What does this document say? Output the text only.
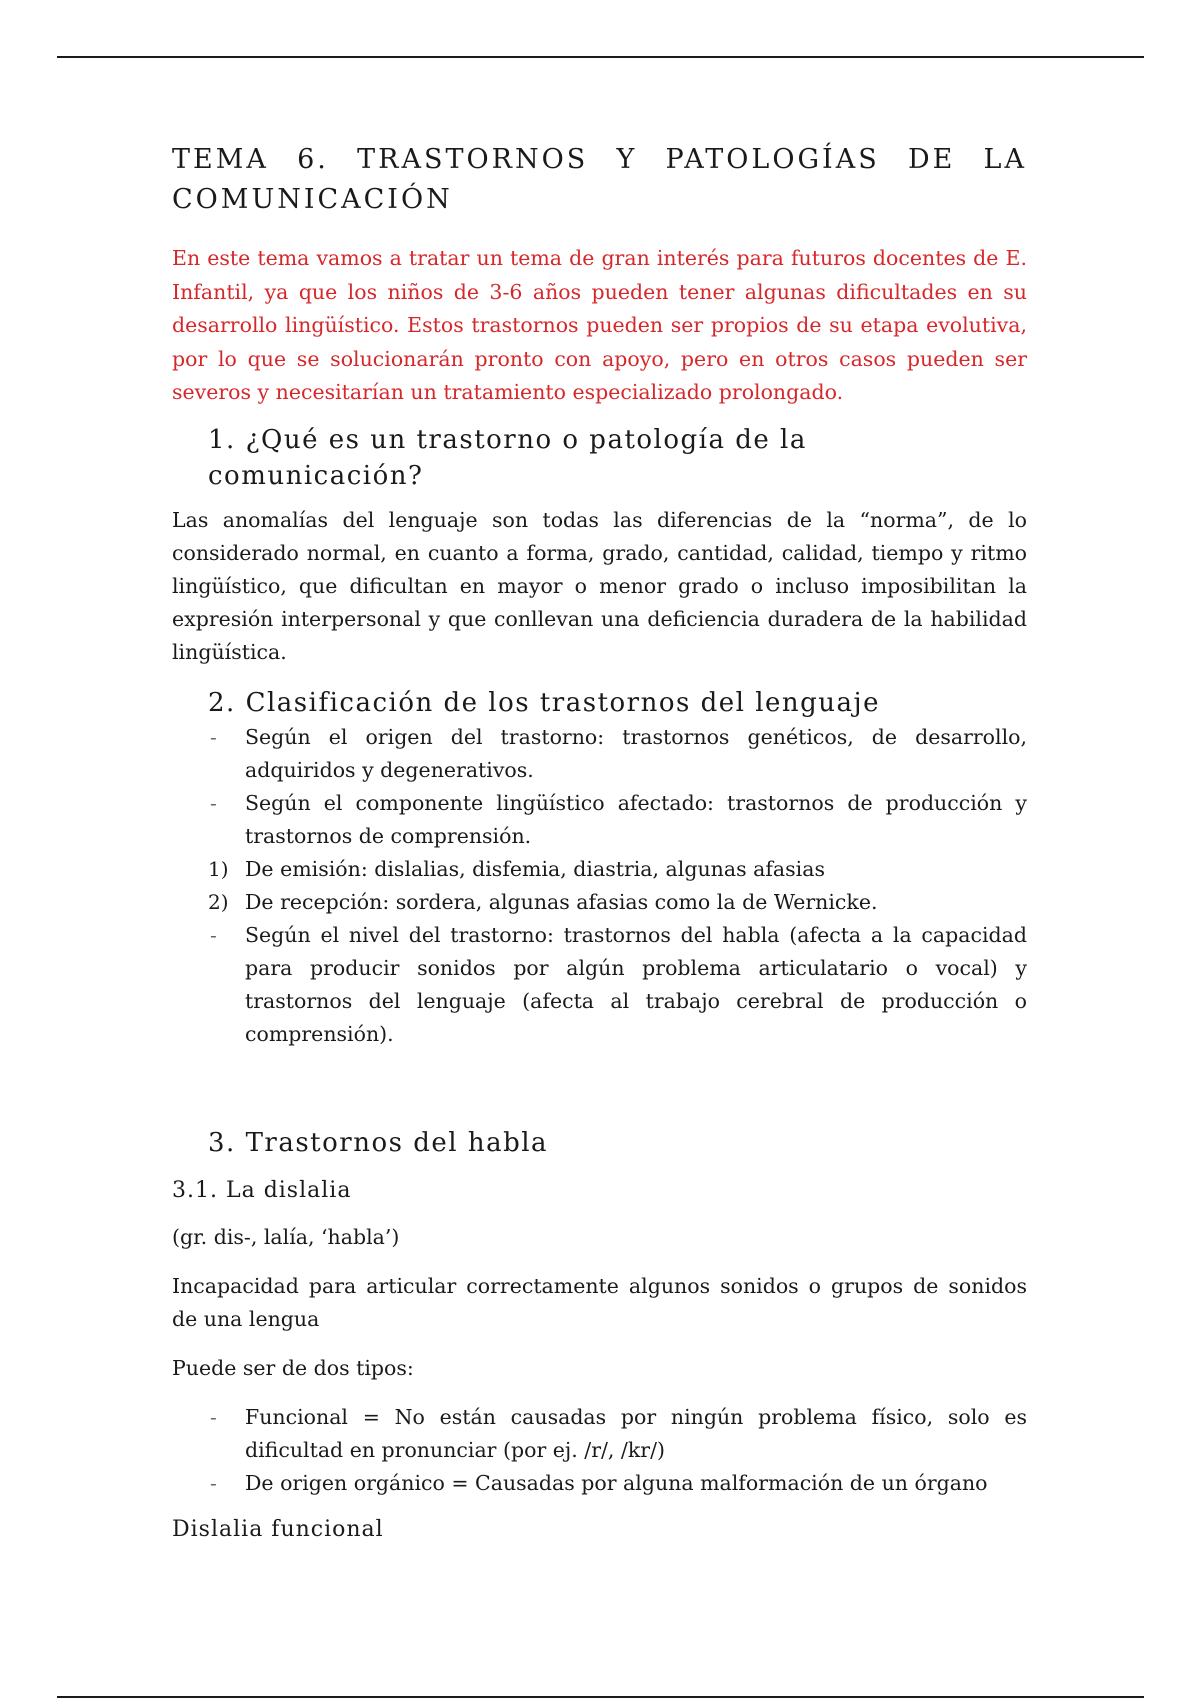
TEMA 6. TRASTORNOS Y PATOLOGÍAS DE LA COMUNICACIÓN

En este tema vamos a tratar un tema de gran interés para futuros docentes de E. Infantil, ya que los niños de 3-6 años pueden tener algunas dificultades en su desarrollo lingüístico. Estos trastornos pueden ser propios de su etapa evolutiva, por lo que se solucionarán pronto con apoyo, pero en otros casos pueden ser severos y necesitarían un tratamiento especializado prolongado.

1. ¿Qué es un trastorno o patología de la comunicación?

Las anomalías del lenguaje son todas las diferencias de la “norma”, de lo considerado normal, en cuanto a forma, grado, cantidad, calidad, tiempo y ritmo lingüístico, que dificultan en mayor o menor grado o incluso imposibilitan la expresión interpersonal y que conllevan una deficiencia duradera de la habilidad lingüística.

2. Clasificación de los trastornos del lenguaje
- Según el origen del trastorno: trastornos genéticos, de desarrollo, adquiridos y degenerativos.
- Según el componente lingüístico afectado: trastornos de producción y trastornos de comprensión.
1) De emisión: dislalias, disfemia, diastria, algunas afasias
2) De recepción: sordera, algunas afasias como la de Wernicke.
- Según el nivel del trastorno: trastornos del habla (afecta a la capacidad para producir sonidos por algún problema articulatario o vocal) y trastornos del lenguaje (afecta al trabajo cerebral de producción o comprensión).
3. Trastornos del habla
3.1. La dislalia

(gr. dis-, lalía, ‘habla’)

Incapacidad para articular correctamente algunos sonidos o grupos de sonidos de una lengua

Puede ser de dos tipos:

- Funcional = No están causadas por ningún problema físico, solo es dificultad en pronunciar (por ej. /r/, /kr/)
- De origen orgánico = Causadas por alguna malformación de un órgano
Dislalia funcional
